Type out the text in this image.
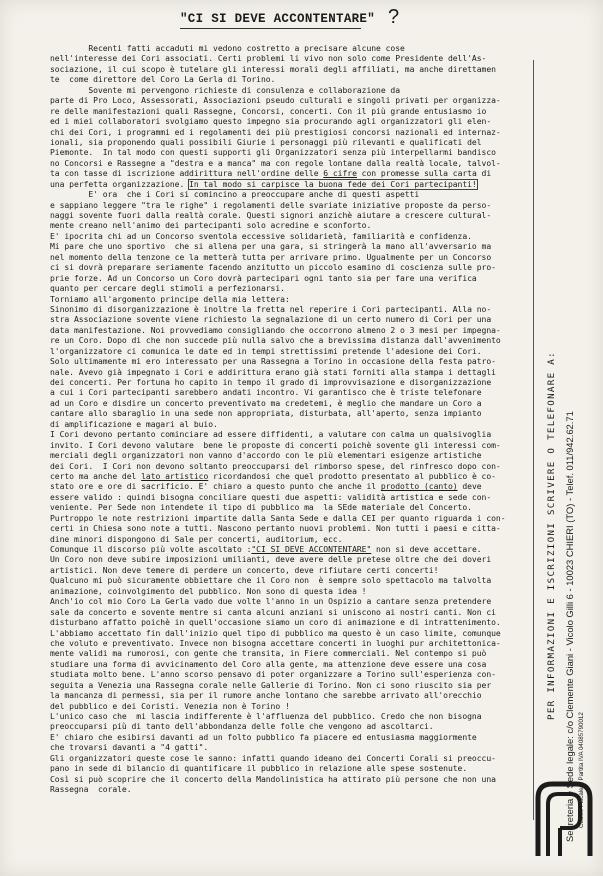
"CI SI DEVE ACCONTENTARE" ?
Recenti fatti accaduti mi vedono costretto a precisare alcune cose
nell'interesse dei Cori associati. Certi problemi li vivo non solo come Presidente dell'As-
sociazione, il cui scopo è tutelare gli interessi morali degli affiliati, ma anche direttamen
te  come direttore del Coro La Gerla di Torino.
Sovente mi pervengono richieste di consulenza e collaborazione da
parte di Pro Loco, Assessorati, Associazioni pseudo culturali e singoli privati per organizza-
re delle manifestazioni quali Rassegne, Concorsi, concerti. Con il più grande entusiasmo io
ed i miei collaboratori svolgiamo questo impegno sia procurando agli organizzatori gli elen-
chi dei Cori, i programmi ed i regolamenti dei più prestigiosi concorsi nazionali ed internaz-
ionali, sia proponendo quali possibili Giurie i personaggi più rilevanti e qualificati del
Piemonte.  In tal modo con questi supporti gli Organizzatori senza più interpellarmi bandisco
no Concorsi e Rassegne a "destra e a manca" ma con regole lontane dalla realtà locale, talvol-
ta con tasse di iscrizione addirittura nell'ordine delle 6 cifre con promesse sulla carta di
una perfetta organizzazione. In tal modo si carpisce la buona fede dei Cori partecipanti!
E' ora  che i Cori si comincino a preoccupare anche di questi aspetti
e sappiano leggere "tra le righe" i regolamenti delle svariate iniziative proposte da perso-
naggi sovente fuori dalla realtà corale. Questi signori anzichè aiutare a crescere cultural-
mente creano nell'animo dei partecipanti solo acredine e sconforto.
E' ipocrita chi ad un Concorso sventola eccessive solidarietà, familiarità e confidenza.
Mi pare che uno sportivo  che si allena per una gara, si stringerà la mano all'avversario ma
nel momento della tenzone ce la metterà tutta per arrivare primo. Ugualmente per un Concorso
ci si dovrà preparare seriamente facendo anzitutto un piccolo esamino di coscienza sulle pro-
prie forze. Ad un Concorso un Coro dovrà partecipari ogni tanto sia per fare una verifica
quanto per cercare degli stimoli a perfezionarsi.
Torniamo all'argomento principe della mia lettera:
Sinonimo di disorganizzazione è inoltre la fretta nel reperire i Cori partecipanti. Alla no-
stra Associazione sovente viene richiesto la segnalazione di un certo numero di Cori per una
data manifestazione. Noi provvediamo consigliando che occorrono almeno 2 o 3 mesi per impegna-
re un Coro. Dopo di che non succede più nulla salvo che a brevissima distanza dall'avvenimento
l'organizzatore ci comunica le date ed in tempi strettissimi pretende l'adesione dei Cori.
Solo ultimamente mi ero interessato per una Rassegna a Torino in occasione della festa patro-
nale. Avevo già impegnato i Cori e addirittura erano già stati forniti alla stampa i dettagli
dei concerti. Per fortuna ho capito in tempo il grado di improvvisazione e disorganizzazione
a cui i Cori partecipanti sarebbero andati incontro. Vi garantisco che è triste telefonare
ad un Coro e disdire un concerto preventivato ma credetemi, è meglio che mandare un Coro a
cantare allo sbaraglio in una sede non appropriata, disturbata, all'aperto, senza impianto
di amplificazione e magari al buio.
I Cori devono pertanto cominciare ad essere diffidenti, a valutare con calma un qualsivoglia
invito. I Cori devono valutare  bene le proposte di concerti poichè sovente gli interessi com-
merciali degli organizzatori non vanno d'accordo con le più elementari esigenze artistiche
dei Cori.  I Cori non devono soltanto preoccuparsi del rimborso spese, del rinfresco dopo con-
certo ma anche del lato artistico ricordandosi che quel prodotto presentato al pubblico è co-
stato ore e ore di sacrificio. E' chiaro a questo punto che anche il prodotto (canto) deve
essere valido : quindi bisogna conciliare questi due aspetti: validità artistica e sede con-
veniente. Per Sede non intendete il tipo di pubblico ma  la SEde materiale del Concerto.
Purtroppo le note restrizioni impartite dalla Santa Sede e dalla CEI per quanto riguarda i con-
certi in Chiesa sono note a tutti. Nascono pertanto nuovi problemi. Non tutti i paesi e citta-
dine minori dispongono di Sale per concerti, auditorium, ecc.
Comunque il discorso più volte ascoltato :"CI SI DEVE ACCONTENTARE" non si deve accettare.
Un Coro non deve subire imposizioni umilianti, deve avere delle pretese oltre che dei doveri
artistici. Non deve temere di perdere un concerto, deve rifiutare certi concerti!
Qualcuno mi può sicuramente obbiettare che il Coro non  è sempre solo spettacolo ma talvolta
animazione, coinvolgimento del pubblico. Non sono di questa idea !
Anch'io col mio Coro La Gerla vado due volte l'anno in un Ospizio a cantare senza pretendere
sale da concerto e sovente mentre si canta alcuni anziani si uniscono ai nostri canti. Non ci
disturbano affatto poichè in quell'occasione siamo un coro di animazione e di intrattenimento.
L'abbiamo accettato fin dall'inizio quel tipo di pubblico ma questo è un caso limite, comunque
che voluto e preventivato. Invece non bisogna accettare concerti in luoghi pur architettonica-
mente validi ma rumorosi, con gente che transita, in Fiere commerciali. Nel contempo si può
studiare una forma di avvicinamento del Coro alla gente, ma attenzione deve essere una cosa
studiata molto bene. L'anno scorso pensavo di poter organizzare a Torino sull'esperienza con-
seguita a Venezia una Rassegna corale nelle Gallerie di Torino. Non ci sono riuscito sia per
la mancanza di permessi, sia per il rumore anche lontano che sarebbe arrivato all'orecchio
del pubblico e dei Coristi. Venezia non è Torino !
L'unico caso che  mi lascia indifferente è l'affluenza del pubblico. Credo che non bisogna
preoccuparsi più di tanto dell'abbondanza delle folle che vengono ad ascoltarci.
E' chiaro che esibirsi davanti ad un folto pubblico fa piacere ed entusiasma maggiormente
che trovarsi davanti a "4 gatti".
Gli organizzatori queste cose le sanno: infatti quando ideano dei Concerti Corali si preoccu-
pano in sede di bilancio di quantificare il pubblico in relazione alle spese sostenute.
Così si può scoprire che il concerto della Mandolinistica ha attirato più persone che non una
Rassegna  corale.
PER INFORMAZIONI E ISCRIZIONI SCRIVERE O TELEFONARE A: Segreteria e Sede legale: c/o Clemente Giani - Vicolo Gilli 6 - 10023 CHIERI (TO) - Telef. 011/942.62.71 Codice Fiscale e Partita IVA 04085790012
